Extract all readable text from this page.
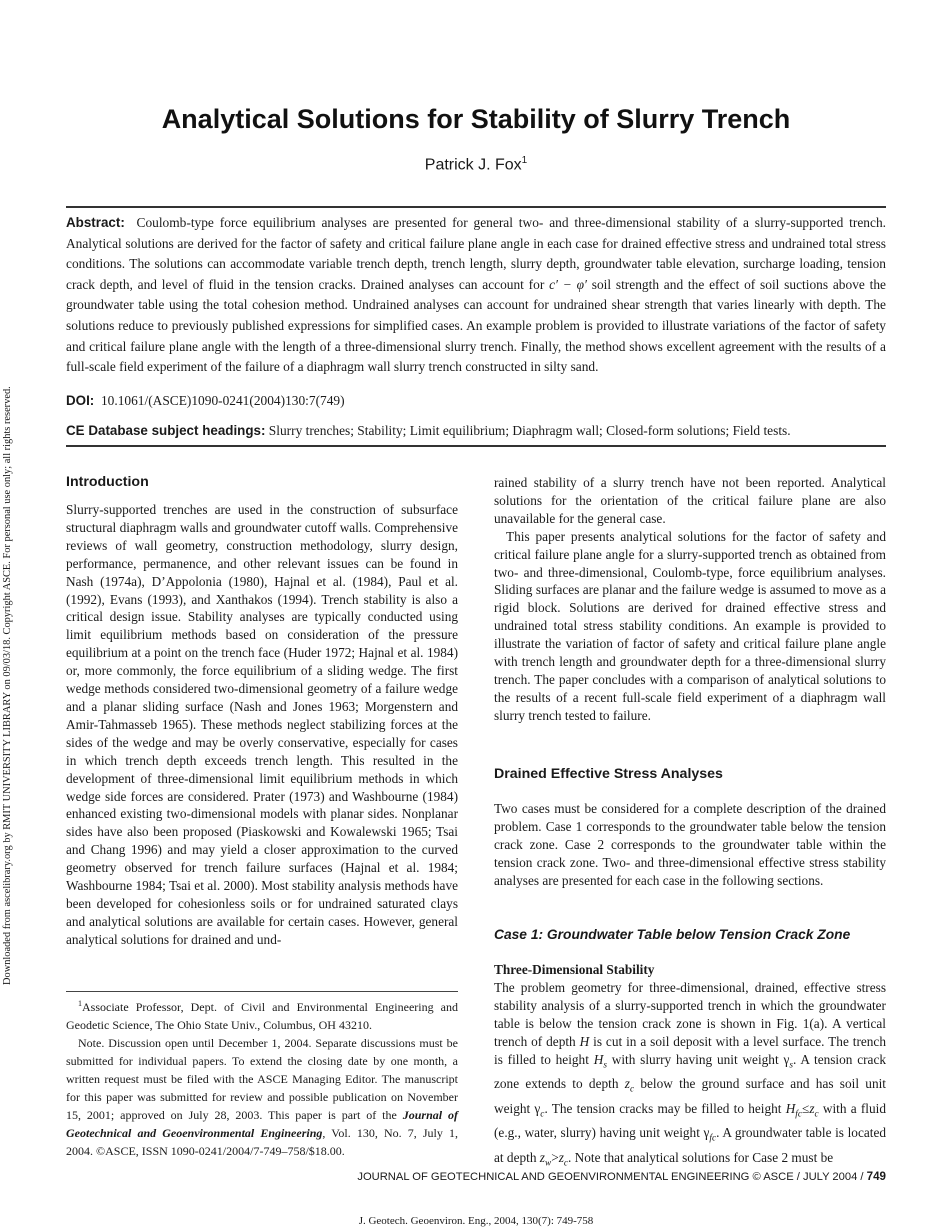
Downloaded from ascelibrary.org by RMIT UNIVERSITY LIBRARY on 09/03/18. Copyright ASCE. For personal use only; all rights reserved.
Analytical Solutions for Stability of Slurry Trench
Patrick J. Fox$^1$
Abstract: Coulomb-type force equilibrium analyses are presented for general two- and three-dimensional stability of a slurry-supported trench. Analytical solutions are derived for the factor of safety and critical failure plane angle in each case for drained effective stress and undrained total stress conditions. The solutions can accommodate variable trench depth, trench length, slurry depth, groundwater table elevation, surcharge loading, tension crack depth, and level of fluid in the tension cracks. Drained analyses can account for c′ − φ′ soil strength and the effect of soil suctions above the groundwater table using the total cohesion method. Undrained analyses can account for undrained shear strength that varies linearly with depth. The solutions reduce to previously published expressions for simplified cases. An example problem is provided to illustrate variations of the factor of safety and critical failure plane angle with the length of a three-dimensional slurry trench. Finally, the method shows excellent agreement with the results of a full-scale field experiment of the failure of a diaphragm wall slurry trench constructed in silty sand.
DOI: 10.1061/(ASCE)1090-0241(2004)130:7(749)
CE Database subject headings: Slurry trenches; Stability; Limit equilibrium; Diaphragm wall; Closed-form solutions; Field tests.
Introduction

Slurry-supported trenches are used in the construction of subsurface structural diaphragm walls and groundwater cutoff walls. Comprehensive reviews of wall geometry, construction methodology, slurry design, performance, permanence, and other relevant issues can be found in Nash (1974a), D’Appolonia (1980), Hajnal et al. (1984), Paul et al. (1992), Evans (1993), and Xanthakos (1994). Trench stability is also a critical design issue. Stability analyses are typically conducted using limit equilibrium methods based on consideration of the pressure equilibrium at a point on the trench face (Huder 1972; Hajnal et al. 1984) or, more commonly, the force equilibrium of a sliding wedge. The first wedge methods considered two-dimensional geometry of a failure wedge and a planar sliding surface (Nash and Jones 1963; Morgenstern and Amir-Tahmasseb 1965). These methods neglect stabilizing forces at the sides of the wedge and may be overly conservative, especially for cases in which trench depth exceeds trench length. This resulted in the development of three-dimensional limit equilibrium methods in which wedge side forces are considered. Prater (1973) and Washbourne (1984) enhanced existing two-dimensional models with planar sides. Nonplanar sides have also been proposed (Piaskowski and Kowalewski 1965; Tsai and Chang 1996) and may yield a closer approximation to the curved geometry observed for trench failure surfaces (Hajnal et al. 1984; Washbourne 1984; Tsai et al. 2000). Most stability analysis methods have been developed for cohesionless soils or for undrained saturated clays and analytical solutions are available for certain cases. However, general analytical solutions for drained and und-

$^1$Associate Professor, Dept. of Civil and Environmental Engineering and Geodetic Science, The Ohio State Univ., Columbus, OH 43210.

Note. Discussion open until December 1, 2004. Separate discussions must be submitted for individual papers. To extend the closing date by one month, a written request must be filed with the ASCE Managing Editor. The manuscript for this paper was submitted for review and possible publication on November 15, 2001; approved on July 28, 2003. This paper is part of the Journal of Geotechnical and Geoenvironmental Engineering, Vol. 130, No. 7, July 1, 2004. ©ASCE, ISSN 1090-0241/2004/7-749–758/$18.00.

rained stability of a slurry trench have not been reported. Analytical solutions for the orientation of the critical failure plane are also unavailable for the general case.

This paper presents analytical solutions for the factor of safety and critical failure plane angle for a slurry-supported trench as obtained from two- and three-dimensional, Coulomb-type, force equilibrium analyses. Sliding surfaces are planar and the failure wedge is assumed to move as a rigid block. Solutions are derived for drained effective stress and undrained total stress stability conditions. An example is provided to illustrate the variation of factor of safety and critical failure plane angle with trench length and groundwater depth for a three-dimensional slurry trench. The paper concludes with a comparison of analytical solutions to the results of a recent full-scale field experiment of a diaphragm wall slurry trench tested to failure.

Drained Effective Stress Analyses

Two cases must be considered for a complete description of the drained problem. Case 1 corresponds to the groundwater table below the tension crack zone. Case 2 corresponds to the groundwater table within the tension crack zone. Two- and three-dimensional effective stress stability analyses are presented for each case in the following sections.

Case 1: Groundwater Table below Tension Crack Zone
Three-Dimensional Stability

The problem geometry for three-dimensional, drained, effective stress stability analysis of a slurry-supported trench in which the groundwater table is below the tension crack zone is shown in Fig. 1(a). A vertical trench of depth H is cut in a soil deposit with a level surface. The trench is filled to height $H_s$ with slurry having unit weight $\gamma_s$. A tension crack zone extends to depth $z_c$ below the ground surface and has soil unit weight $\gamma_c$. The tension cracks may be filled to height $H_{fc}\le z_c$ with a fluid (e.g., water, slurry) having unit weight $\gamma_{fc}$. A groundwater table is located at depth $z_w>z_c$. Note that analytical solutions for Case 2 must be

JOURNAL OF GEOTECHNICAL AND GEOENVIRONMENTAL ENGINEERING © ASCE / JULY 2004 / 749
J. Geotech. Geoenviron. Eng., 2004, 130(7): 749-758
